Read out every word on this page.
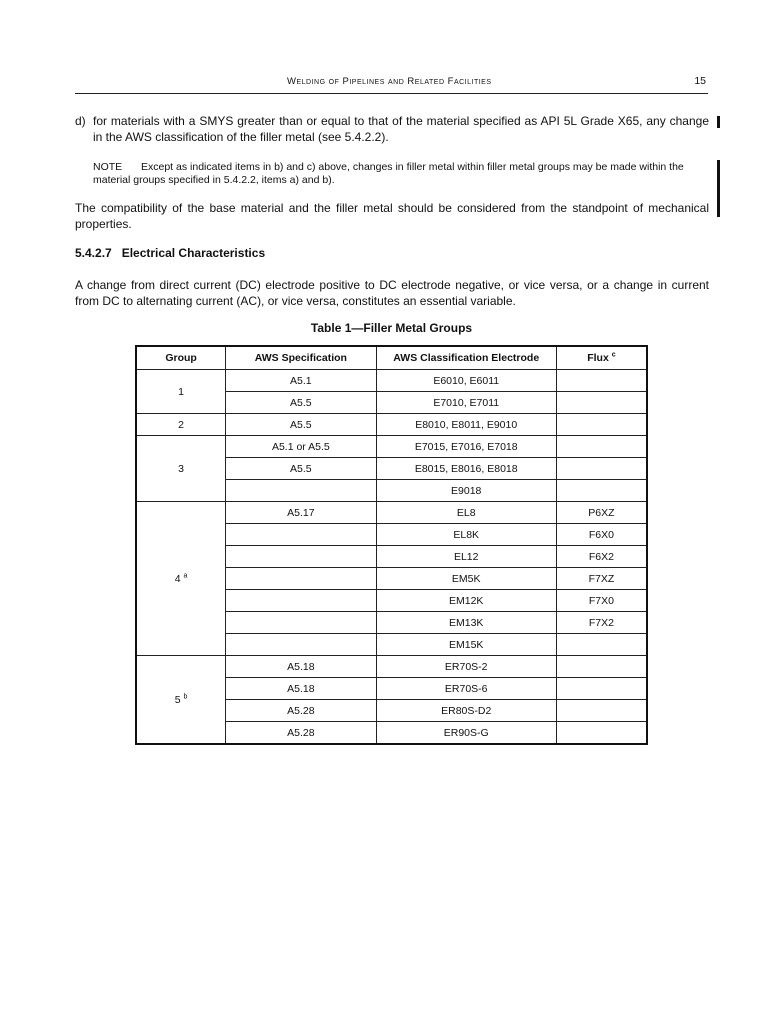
Welding of Pipelines and Related Facilities	15
d) for materials with a SMYS greater than or equal to that of the material specified as API 5L Grade X65, any change in the AWS classification of the filler metal (see 5.4.2.2).
NOTE Except as indicated items in b) and c) above, changes in filler metal within filler metal groups may be made within the material groups specified in 5.4.2.2, items a) and b).
The compatibility of the base material and the filler metal should be considered from the standpoint of mechanical properties.
5.4.2.7 Electrical Characteristics
A change from direct current (DC) electrode positive to DC electrode negative, or vice versa, or a change in current from DC to alternating current (AC), or vice versa, constitutes an essential variable.
Table 1—Filler Metal Groups
Group	AWS Specification	AWS Classification Electrode	Flux $^c$
1	A5.1	E6010, E6011	
	A5.5	E7010, E7011	
2	A5.5	E8010, E8011, E9010	
3	A5.1 or A5.5	E7015, E7016, E7018	
	A5.5	E8015, E8016, E8018	
		E9018	
4 $^a$	A5.17	EL8	P6XZ
		EL8K	F6X0
		EL12	F6X2
		EM5K	F7XZ
		EM12K	F7X0
		EM13K	F7X2
		EM15K	
5 $^b$	A5.18	ER70S-2	
	A5.18	ER70S-6	
	A5.28	ER80S-D2	
	A5.28	ER90S-G	
